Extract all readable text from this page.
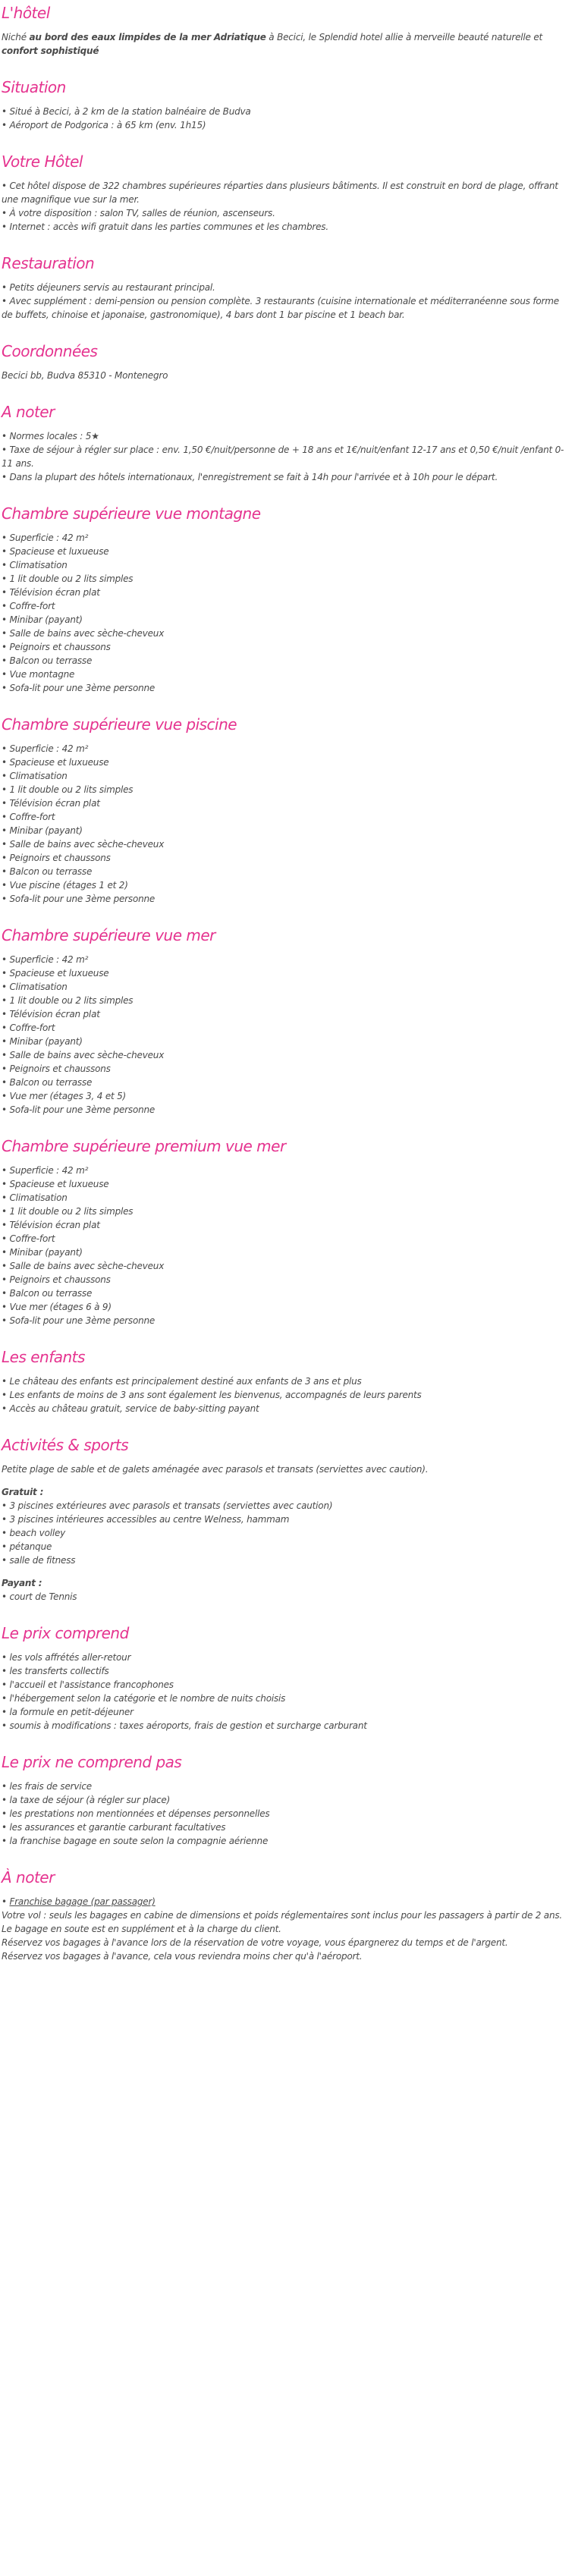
L'hôtel

Niché au bord des eaux limpides de la mer Adriatique à Becici, le Splendid hotel allie à merveille beauté naturelle et confort sophistiqué

Situation
• Situé à Becici, à 2 km de la station balnéaire de Budva
• Aéroport de Podgorica : à 65 km (env. 1h15)
Votre Hôtel
• Cet hôtel dispose de 322 chambres supérieures réparties dans plusieurs bâtiments. Il est construit en bord de plage, offrant une magnifique vue sur la mer.
• À votre disposition : salon TV, salles de réunion, ascenseurs.
• Internet : accès wifi gratuit dans les parties communes et les chambres.
Restauration
• Petits déjeuners servis au restaurant principal.
• Avec supplément : demi-pension ou pension complète. 3 restaurants (cuisine internationale et méditerranéenne sous forme de buffets, chinoise et japonaise, gastronomique), 4 bars dont 1 bar piscine et 1 beach bar.
Coordonnées

Becici bb, Budva 85310 - Montenegro

A noter
• Normes locales : 5★
• Taxe de séjour à régler sur place : env. 1,50 €/nuit/personne de + 18 ans et 1€/nuit/enfant 12-17 ans et 0,50 €/nuit /enfant 0-11 ans.
• Dans la plupart des hôtels internationaux, l'enregistrement se fait à 14h pour l'arrivée et à 10h pour le départ.
Chambre supérieure vue montagne
• Superficie : 42 m²
• Spacieuse et luxueuse
• Climatisation
• 1 lit double ou 2 lits simples
• Télévision écran plat
• Coffre-fort
• Minibar (payant)
• Salle de bains avec sèche-cheveux
• Peignoirs et chaussons
• Balcon ou terrasse
• Vue montagne
• Sofa-lit pour une 3ème personne
Chambre supérieure vue piscine
• Superficie : 42 m²
• Spacieuse et luxueuse
• Climatisation
• 1 lit double ou 2 lits simples
• Télévision écran plat
• Coffre-fort
• Minibar (payant)
• Salle de bains avec sèche-cheveux
• Peignoirs et chaussons
• Balcon ou terrasse
• Vue piscine (étages 1 et 2)
• Sofa-lit pour une 3ème personne
Chambre supérieure vue mer
• Superficie : 42 m²
• Spacieuse et luxueuse
• Climatisation
• 1 lit double ou 2 lits simples
• Télévision écran plat
• Coffre-fort
• Minibar (payant)
• Salle de bains avec sèche-cheveux
• Peignoirs et chaussons
• Balcon ou terrasse
• Vue mer (étages 3, 4 et 5)
• Sofa-lit pour une 3ème personne
Chambre supérieure premium vue mer
• Superficie : 42 m²
• Spacieuse et luxueuse
• Climatisation
• 1 lit double ou 2 lits simples
• Télévision écran plat
• Coffre-fort
• Minibar (payant)
• Salle de bains avec sèche-cheveux
• Peignoirs et chaussons
• Balcon ou terrasse
• Vue mer (étages 6 à 9)
• Sofa-lit pour une 3ème personne
Les enfants
• Le château des enfants est principalement destiné aux enfants de 3 ans et plus
• Les enfants de moins de 3 ans sont également les bienvenus, accompagnés de leurs parents
• Accès au château gratuit, service de baby-sitting payant
Activités & sports

Petite plage de sable et de galets aménagée avec parasols et transats (serviettes avec caution).

Gratuit :

• 3 piscines extérieures avec parasols et transats (serviettes avec caution)
• 3 piscines intérieures accessibles au centre Welness, hammam
• beach volley
• pétanque
• salle de fitness

Payant :

• court de Tennis
Le prix comprend
• les vols affrétés aller-retour
• les transferts collectifs
• l'accueil et l'assistance francophones
• l'hébergement selon la catégorie et le nombre de nuits choisis
• la formule en petit-déjeuner
• soumis à modifications : taxes aéroports, frais de gestion et surcharge carburant
Le prix ne comprend pas
• les frais de service
• la taxe de séjour (à régler sur place)
• les prestations non mentionnées et dépenses personnelles
• les assurances et garantie carburant facultatives
• la franchise bagage en soute selon la compagnie aérienne
À noter

• Franchise bagage (par passager)

Votre vol : seuls les bagages en cabine de dimensions et poids réglementaires sont inclus pour les passagers à partir de 2 ans.

Le bagage en soute est en supplément et à la charge du client.

Réservez vos bagages à l'avance lors de la réservation de votre voyage, vous épargnerez du temps et de l'argent.

Réservez vos bagages à l'avance, cela vous reviendra moins cher qu'à l'aéroport.
